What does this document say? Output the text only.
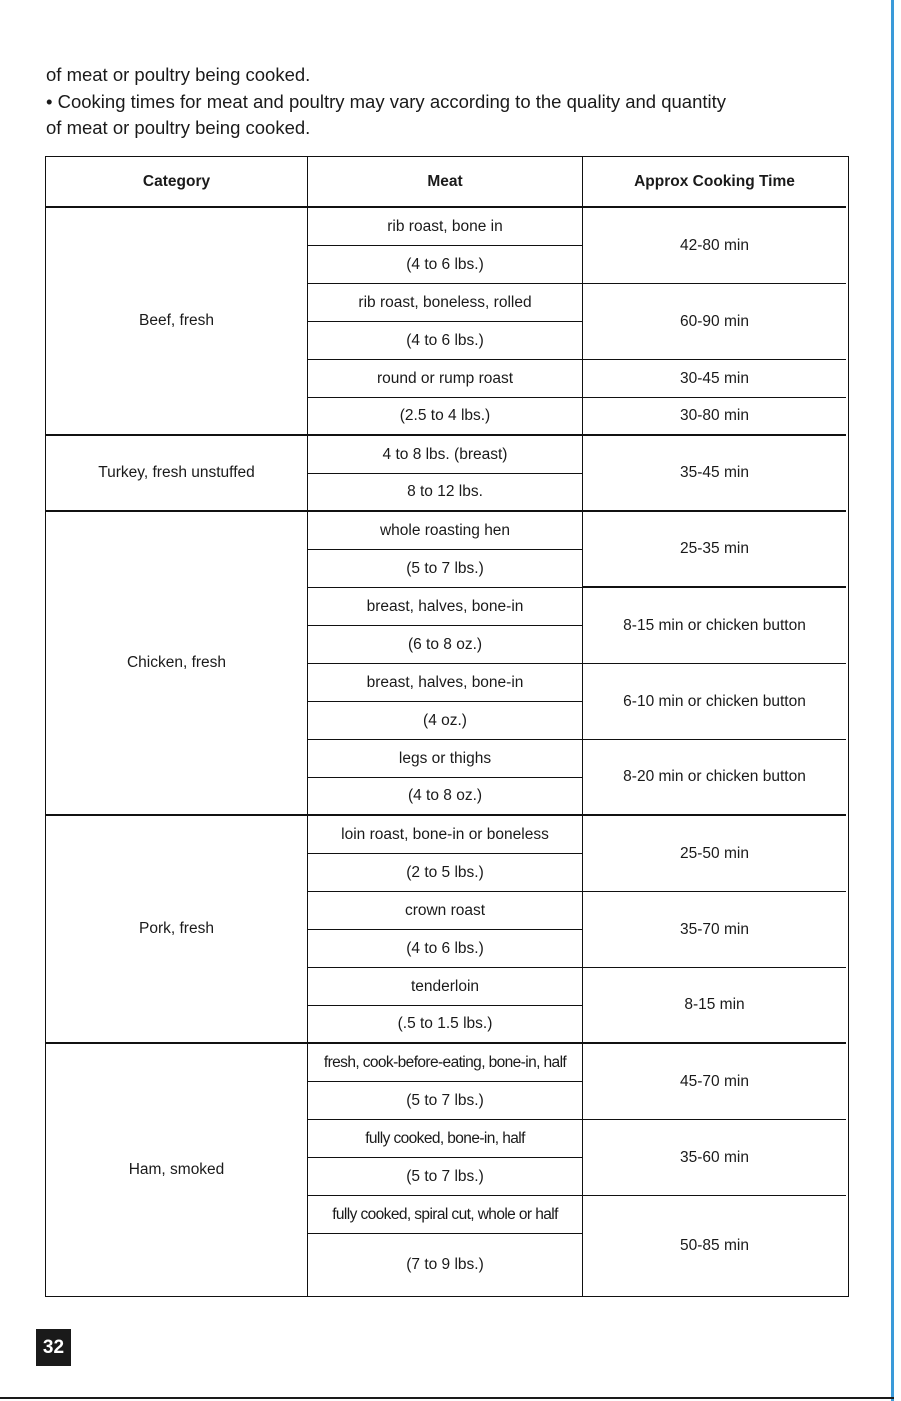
of meat or poultry being cooked.

• Cooking times for meat and poultry may vary according to the quality and quantity

of meat or poultry being cooked.

Category	Meat	Approx Cooking Time
Beef, fresh
Turkey, fresh unstuffed
Chicken, fresh
Pork, fresh
Ham, smoked
rib roast, bone in
(4 to 6 lbs.)
rib roast, boneless, rolled
(4 to 6 lbs.)
round or rump roast
(2.5 to 4 lbs.)
4 to 8 lbs. (breast)
8 to 12 lbs.
whole roasting hen
(5 to 7 lbs.)
breast, halves, bone-in
(6 to 8 oz.)
breast, halves, bone-in
(4 oz.)
legs or thighs
(4 to 8 oz.)
loin roast, bone-in or boneless
(2 to 5 lbs.)
crown roast
(4 to 6 lbs.)
tenderloin
(.5 to 1.5 lbs.)
fresh, cook-before-eating, bone-in, half
(5 to 7 lbs.)
fully cooked, bone-in, half
(5 to 7 lbs.)
fully cooked, spiral cut, whole or half
(7 to 9 lbs.)
42-80 min
60-90 min
30-45 min
30-80 min
35-45 min
25-35 min
8-15 min or chicken button
6-10 min or chicken button
8-20 min or chicken button
25-50 min
35-70 min
8-15 min
45-70 min
35-60 min
50-85 min
32
